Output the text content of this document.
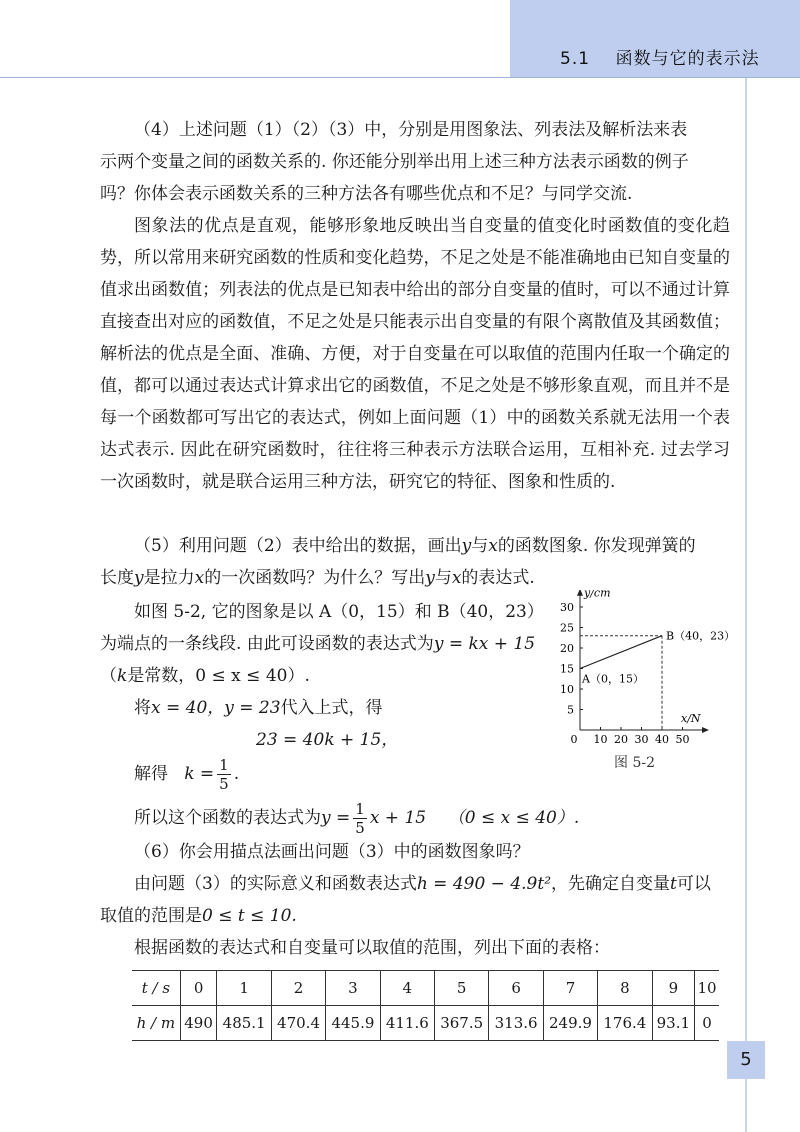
5.1 函数与它的表示法
（4）上述问题（1）（2）（3）中，分别是用图象法、列表法及解析法来表
示两个变量之间的函数关系的. 你还能分别举出用上述三种方法表示函数的例子
吗？你体会表示函数关系的三种方法各有哪些优点和不足？与同学交流.

图象法的优点是直观，能够形象地反映出当自变量的值变化时函数值的变化趋势，所以常用来研究函数的性质和变化趋势，不足之处是不能准确地由已知自变量的值求出函数值；列表法的优点是已知表中给出的部分自变量的值时，可以不通过计算直接查出对应的函数值，不足之处是只能表示出自变量的有限个离散值及其函数值；解析法的优点是全面、准确、方便，对于自变量在可以取值的范围内任取一个确定的值，都可以通过表达式计算求出它的函数值，不足之处是不够形象直观，而且并不是每一个函数都可写出它的表达式，例如上面问题（1）中的函数关系就无法用一个表达式表示. 因此在研究函数时，往往将三种表示方法联合运用，互相补充. 过去学习一次函数时，就是联合运用三种方法，研究它的特征、图象和性质的.

（5）利用问题（2）表中给出的数据，画出y与x的函数图象. 你发现弹簧的
长度y是拉力x的一次函数吗？为什么？写出y与x的表达式.
如图 5-2, 它的图象是以 A（0，15）和 B（40，23）
为端点的一条线段. 由此可设函数的表达式为y = kx + 15
（k是常数，0 ≤ x ≤ 40）.
将x = 40，y = 23代入上式，得
23 = 40k + 15，
解得 $k = \frac{1}{5}$ .
所以这个函数的表达式为$y = \frac{1}{5}$ x + 15 （0 ≤ x ≤ 40）.
（6）你会用描点法画出问题（3）中的函数图象吗？
由问题（3）的实际意义和函数表达式h = 490 − 4.9t²，先确定自变量t可以
取值的范围是0 ≤ t ≤ 10.
根据函数的表达式和自变量可以取值的范围，列出下面的表格：
0 10 20 30 40 50
5
10
15
20
25
30
y/cm
x/N
A（0，15）
B（40，23）
图 5-2
t / s	0	1	2	3	4	5	6	7	8	9	10
h / m	490	485.1	470.4	445.9	411.6	367.5	313.6	249.9	176.4	93.1	0
5
